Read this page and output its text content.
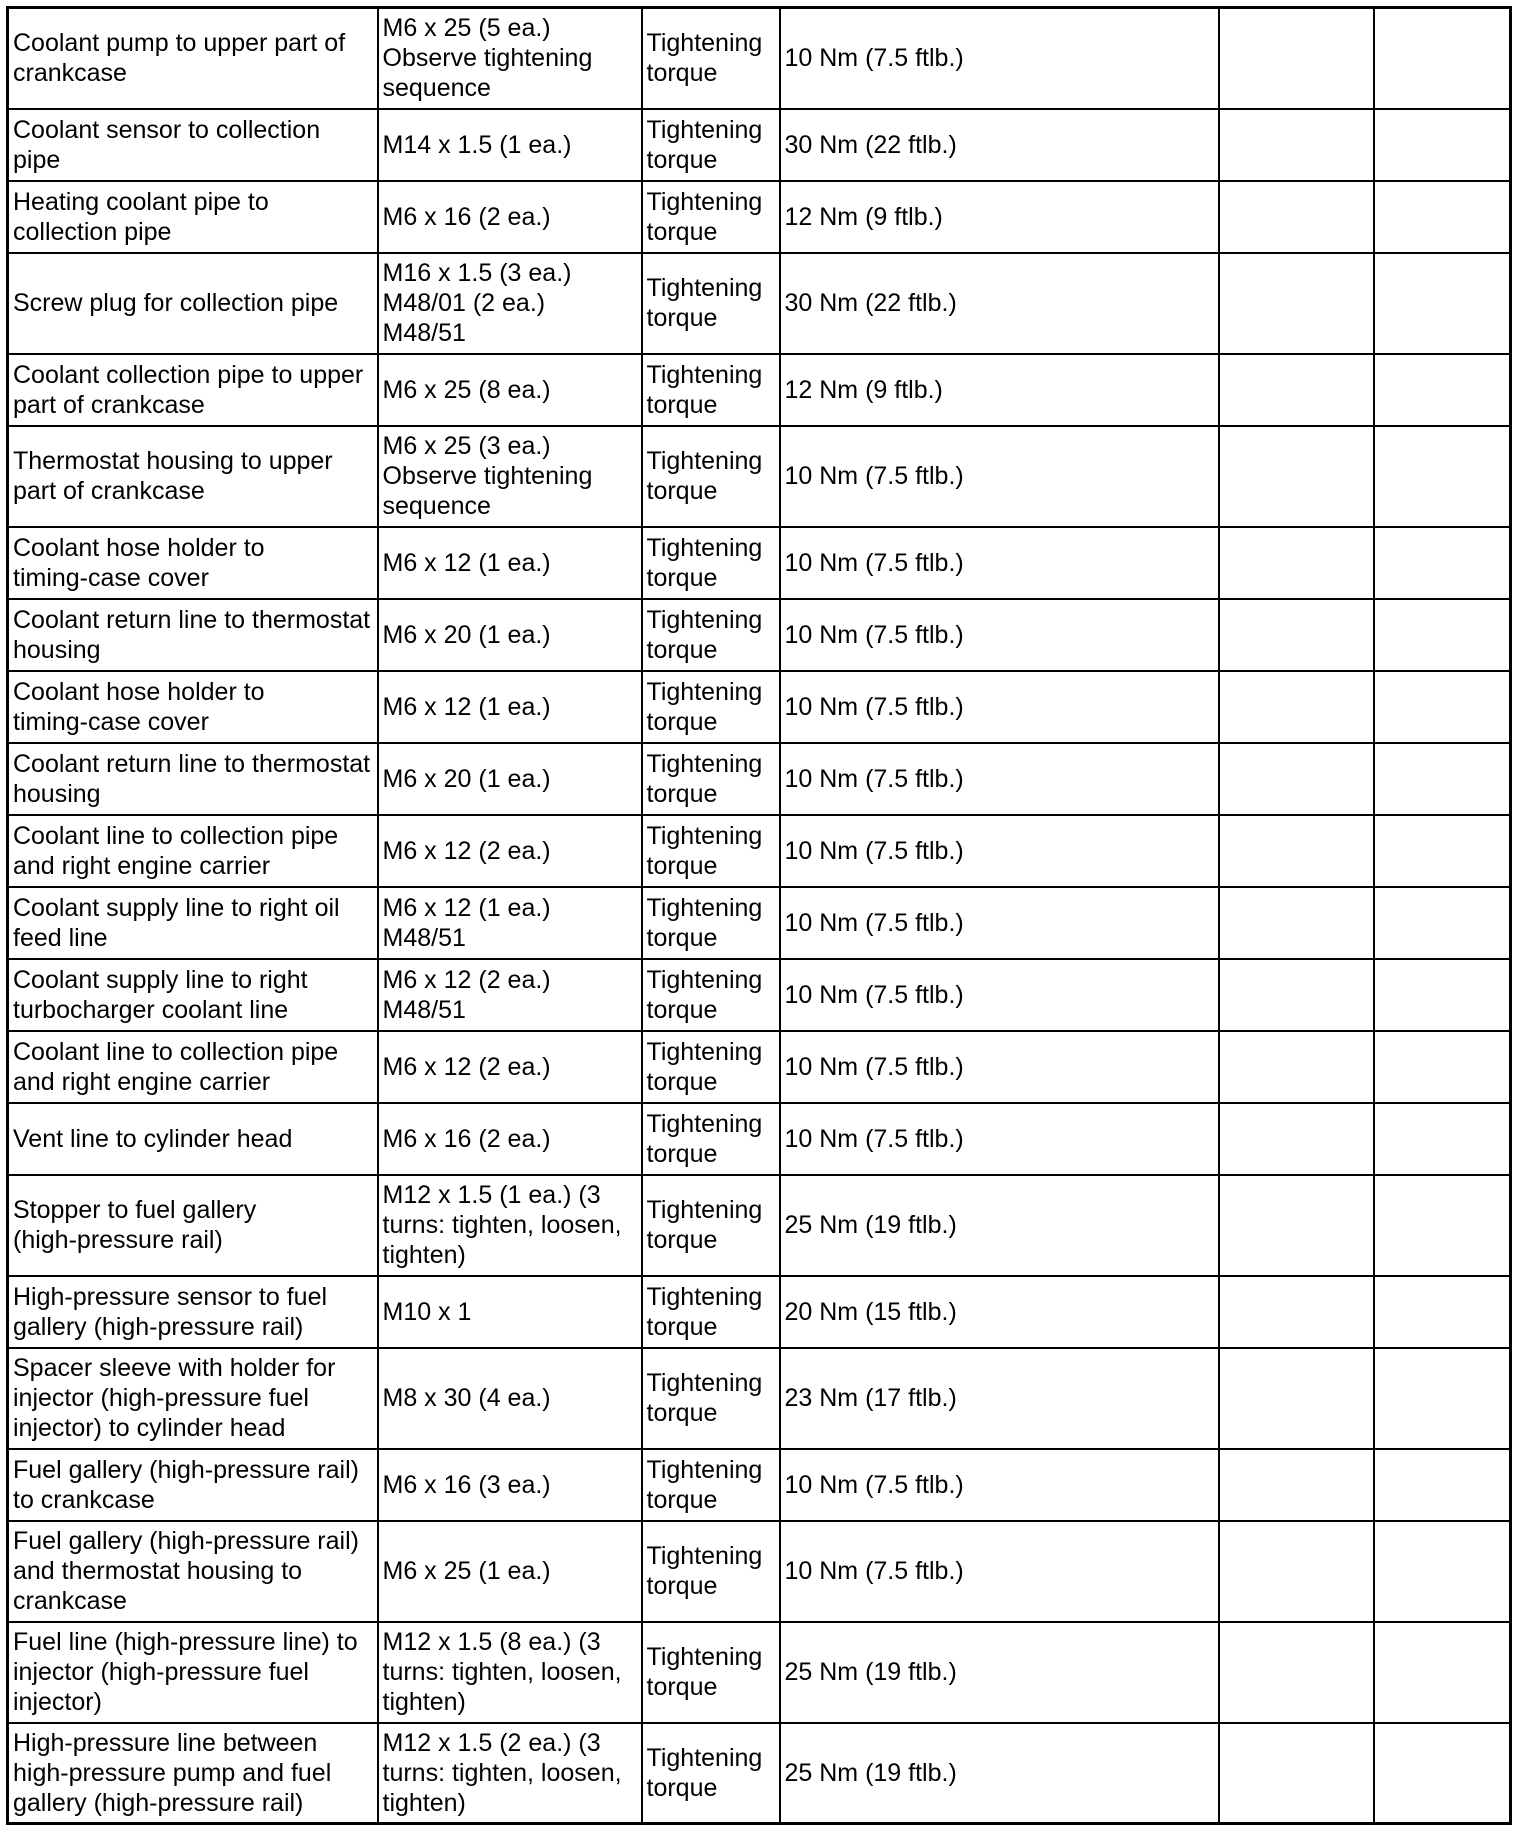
Coolant pump to upper part of
crankcase	M6 x 25 (5 ea.)
Observe tightening
sequence	Tightening
torque	10 Nm (7.5 ftlb.)		

Coolant sensor to collection
pipe	M14 x 1.5 (1 ea.)	Tightening
torque	30 Nm (22 ftlb.)		

Heating coolant pipe to
collection pipe	M6 x 16 (2 ea.)	Tightening
torque	12 Nm (9 ftlb.)		

Screw plug for collection pipe	M16 x 1.5 (3 ea.)
M48/01 (2 ea.)
M48/51	Tightening
torque	30 Nm (22 ftlb.)		

Coolant collection pipe to upper
part of crankcase	M6 x 25 (8 ea.)	Tightening
torque	12 Nm (9 ftlb.)		

Thermostat housing to upper
part of crankcase	M6 x 25 (3 ea.)
Observe tightening
sequence	Tightening
torque	10 Nm (7.5 ftlb.)		

Coolant hose holder to
timing-case cover	M6 x 12 (1 ea.)	Tightening
torque	10 Nm (7.5 ftlb.)		

Coolant return line to thermostat
housing	M6 x 20 (1 ea.)	Tightening
torque	10 Nm (7.5 ftlb.)		

Coolant hose holder to
timing-case cover	M6 x 12 (1 ea.)	Tightening
torque	10 Nm (7.5 ftlb.)		

Coolant return line to thermostat
housing	M6 x 20 (1 ea.)	Tightening
torque	10 Nm (7.5 ftlb.)		

Coolant line to collection pipe
and right engine carrier	M6 x 12 (2 ea.)	Tightening
torque	10 Nm (7.5 ftlb.)		

Coolant supply line to right oil
feed line	M6 x 12 (1 ea.)
M48/51	Tightening
torque	10 Nm (7.5 ftlb.)		

Coolant supply line to right
turbocharger coolant line	M6 x 12 (2 ea.)
M48/51	Tightening
torque	10 Nm (7.5 ftlb.)		

Coolant line to collection pipe
and right engine carrier	M6 x 12 (2 ea.)	Tightening
torque	10 Nm (7.5 ftlb.)		

Vent line to cylinder head	M6 x 16 (2 ea.)	Tightening
torque	10 Nm (7.5 ftlb.)		

Stopper to fuel gallery
(high-pressure rail)	M12 x 1.5 (1 ea.) (3
turns: tighten, loosen,
tighten)	Tightening
torque	25 Nm (19 ftlb.)		

High-pressure sensor to fuel
gallery (high-pressure rail)	M10 x 1	Tightening
torque	20 Nm (15 ftlb.)		

Spacer sleeve with holder for
injector (high-pressure fuel
injector) to cylinder head	M8 x 30 (4 ea.)	Tightening
torque	23 Nm (17 ftlb.)		

Fuel gallery (high-pressure rail)
to crankcase	M6 x 16 (3 ea.)	Tightening
torque	10 Nm (7.5 ftlb.)		

Fuel gallery (high-pressure rail)
and thermostat housing to
crankcase	M6 x 25 (1 ea.)	Tightening
torque	10 Nm (7.5 ftlb.)		

Fuel line (high-pressure line) to
injector (high-pressure fuel
injector)	M12 x 1.5 (8 ea.) (3
turns: tighten, loosen,
tighten)	Tightening
torque	25 Nm (19 ftlb.)		

High-pressure line between
high-pressure pump and fuel
gallery (high-pressure rail)	M12 x 1.5 (2 ea.) (3
turns: tighten, loosen,
tighten)	Tightening
torque	25 Nm (19 ftlb.)		
